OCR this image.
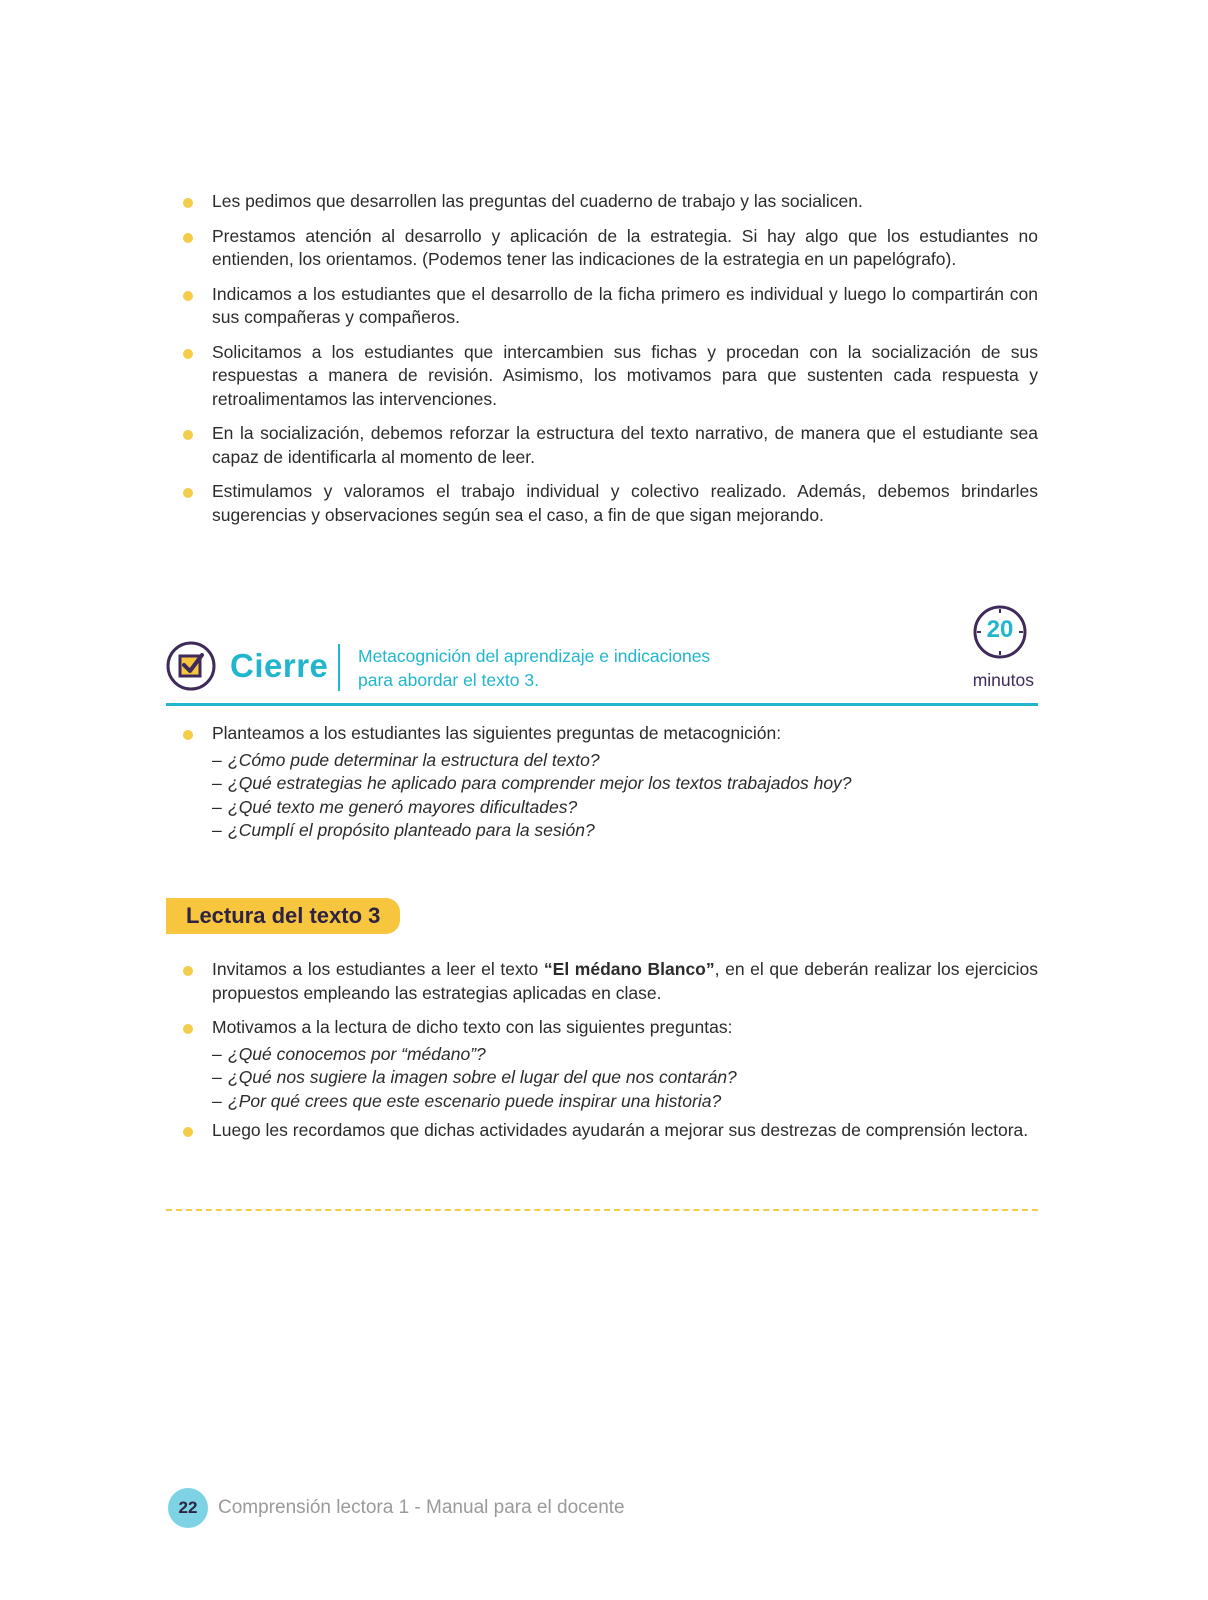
Les pedimos que desarrollen las preguntas del cuaderno de trabajo y las socialicen.
Prestamos atención al desarrollo y aplicación de la estrategia. Si hay algo que los estudiantes no entienden, los orientamos. (Podemos tener las indicaciones de la estrategia en un papelógrafo).
Indicamos a los estudiantes que el desarrollo de la ficha primero es individual y luego lo compartirán con sus compañeras y compañeros.
Solicitamos a los estudiantes que intercambien sus fichas y procedan con la socialización de sus respuestas a manera de revisión. Asimismo, los motivamos para que sustenten cada respuesta y retroalimentamos las intervenciones.
En la socialización, debemos reforzar la estructura del texto narrativo, de manera que el estudiante sea capaz de identificarla al momento de leer.
Estimulamos y valoramos el trabajo individual y colectivo realizado. Además, debemos brindarles sugerencias y observaciones según sea el caso, a fin de que sigan mejorando.
Cierre Metacognición del aprendizaje e indicaciones
para abordar el texto 3.
20
minutos
Planteamos a los estudiantes las siguientes preguntas de metacognición:
– ¿Cómo pude determinar la estructura del texto?
– ¿Qué estrategias he aplicado para comprender mejor los textos trabajados hoy?
– ¿Qué texto me generó mayores dificultades?
– ¿Cumplí el propósito planteado para la sesión?
Lectura del texto 3
Invitamos a los estudiantes a leer el texto “El médano Blanco”, en el que deberán realizar los ejercicios propuestos empleando las estrategias aplicadas en clase.
Motivamos a la lectura de dicho texto con las siguientes preguntas:
– ¿Qué conocemos por “médano”?
– ¿Qué nos sugiere la imagen sobre el lugar del que nos contarán?
– ¿Por qué crees que este escenario puede inspirar una historia?
Luego les recordamos que dichas actividades ayudarán a mejorar sus destrezas de comprensión lectora.
22	Comprensión lectora 1 - Manual para el docente
